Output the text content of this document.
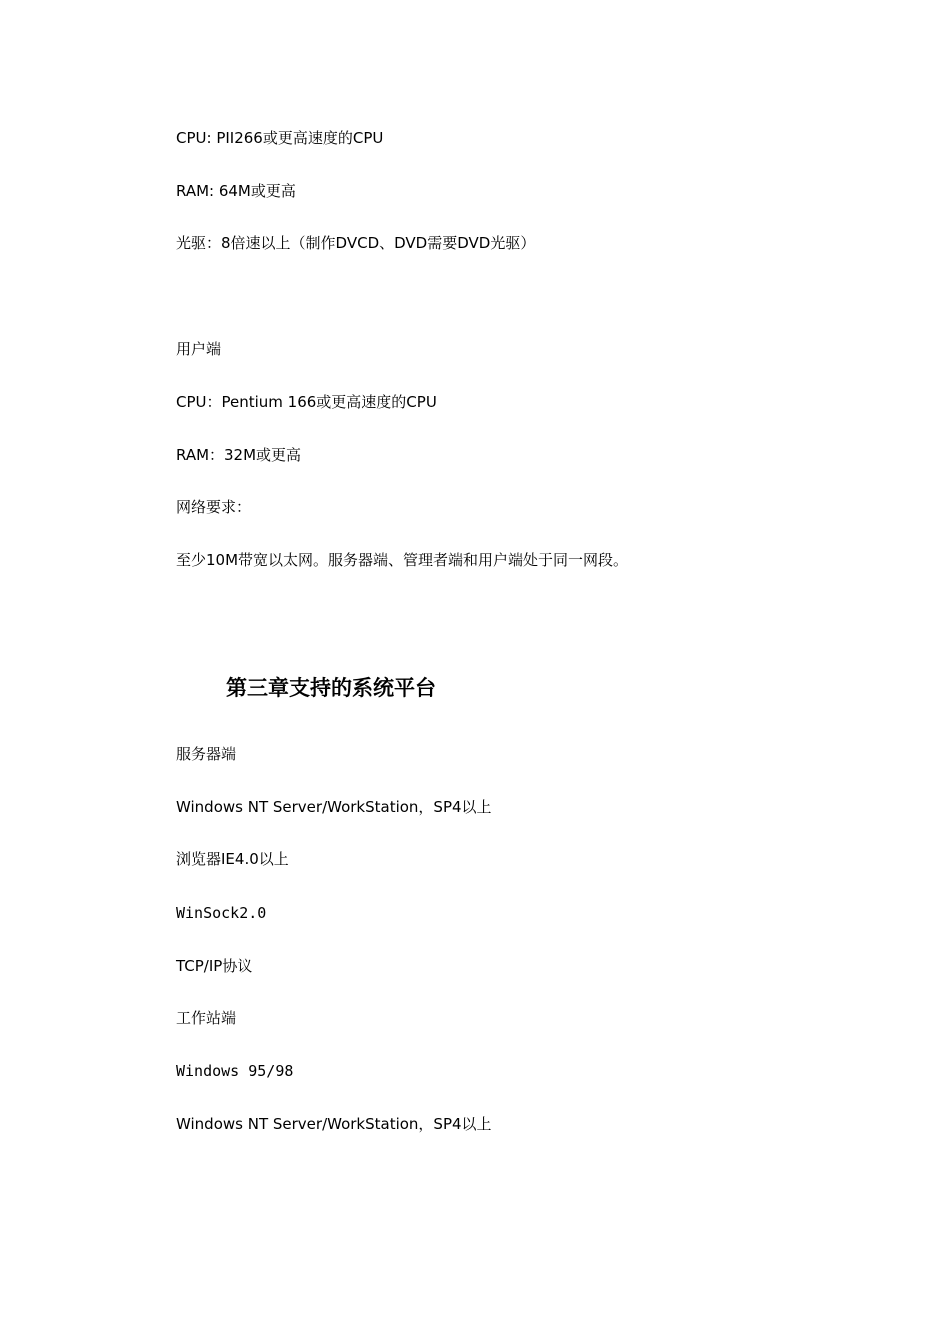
CPU: PII266或更高速度的CPU
RAM: 64M或更高
光驱：8倍速以上（制作DVCD、DVD需要DVD光驱）
用户端
CPU：Pentium 166或更高速度的CPU
RAM：32M或更高
网络要求：
至少10M带宽以太网。服务器端、管理者端和用户端处于同一网段。
第三章支持的系统平台
服务器端
Windows NT Server/WorkStation，SP4以上
浏览器IE4.0以上
WinSock2.0
TCP/IP协议
工作站端
Windows 95/98
Windows NT Server/WorkStation，SP4以上
